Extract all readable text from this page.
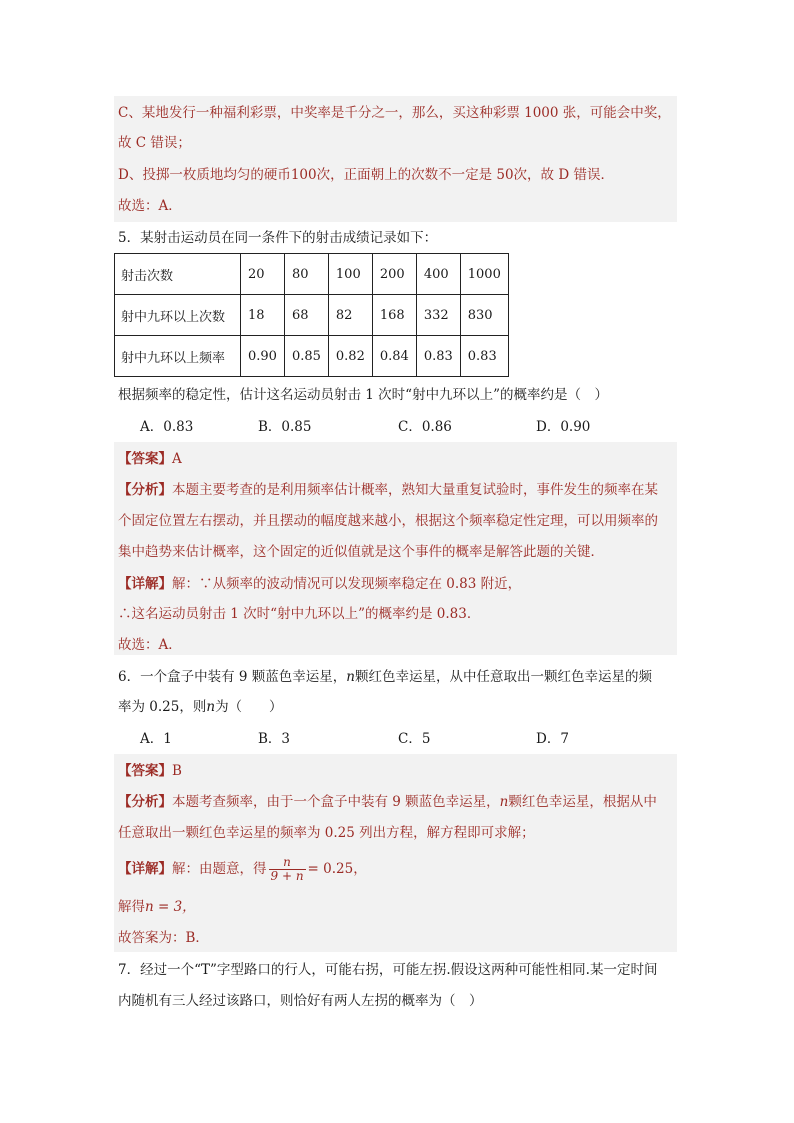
C、某地发行一种福利彩票，中奖率是千分之一，那么，买这种彩票 1000 张，可能会中奖，
故 C 错误；
D、投掷一枚质地均匀的硬币100次，正面朝上的次数不一定是 50次，故 D 错误．
故选：A．
5．某射击运动员在同一条件下的射击成绩记录如下：
射击次数	20	80	100	200	400	1000
射中九环以上次数	18	68	82	168	332	830
射中九环以上频率	0.90	0.85	0.82	0.84	0.83	0.83
根据频率的稳定性，估计这名运动员射击 1 次时“射中九环以上”的概率约是（　）
A．0.83	B．0.85	C．0.86	D．0.90
【答案】A
【分析】本题主要考查的是利用频率估计概率，熟知大量重复试验时，事件发生的频率在某
个固定位置左右摆动，并且摆动的幅度越来越小，根据这个频率稳定性定理，可以用频率的
集中趋势来估计概率，这个固定的近似值就是这个事件的概率是解答此题的关键．
【详解】解：∵从频率的波动情况可以发现频率稳定在 0.83 附近，
∴这名运动员射击 1 次时“射中九环以上”的概率约是 0.83．
故选：A．
6．一个盒子中装有 9 颗蓝色幸运星，n颗红色幸运星，从中任意取出一颗红色幸运星的频
率为 0.25，则n为（　　）
A．1	B．3	C．5	D．7
【答案】B
【分析】本题考查频率，由于一个盒子中装有 9 颗蓝色幸运星，n颗红色幸运星，根据从中
任意取出一颗红色幸运星的频率为 0.25 列出方程，解方程即可求解；
【详解】解：由题意，得 $\frac{n}{9 + n} = 0.25$，
解得n = 3，
故答案为：B．
7．经过一个“T”字型路口的行人，可能右拐，可能左拐.假设这两种可能性相同.某一定时间
内随机有三人经过该路口，则恰好有两人左拐的概率为（　）
